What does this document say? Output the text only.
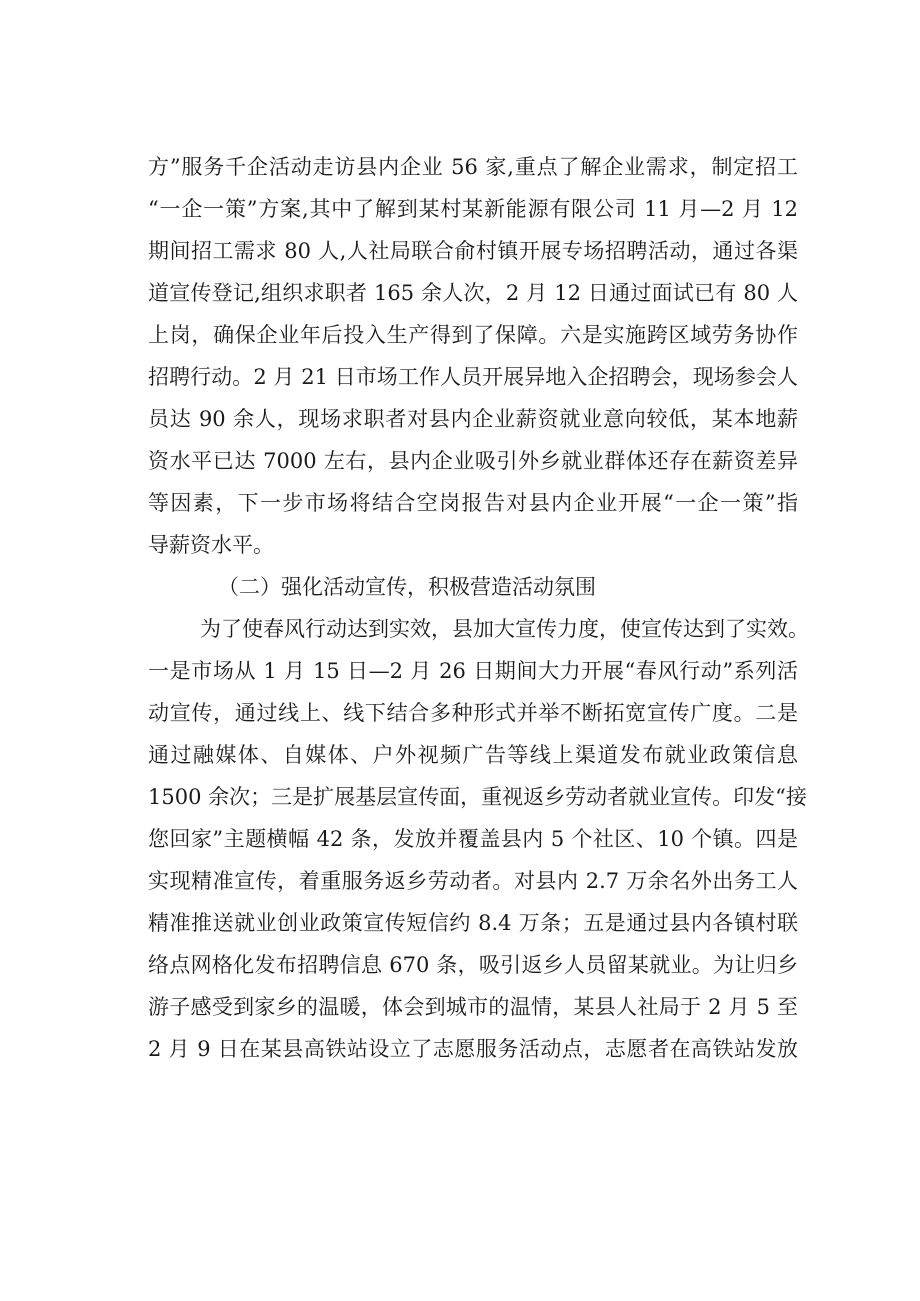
方”服务千企活动走访县内企业 56 家,重点了解企业需求，制定招工
“一企一策”方案,其中了解到某村某新能源有限公司 11 月—2 月 12
期间招工需求 80 人,人社局联合俞村镇开展专场招聘活动，通过各渠
道宣传登记,组织求职者 165 余人次，2 月 12 日通过面试已有 80 人
上岗，确保企业年后投入生产得到了保障。六是实施跨区域劳务协作
招聘行动。2 月 21 日市场工作人员开展异地入企招聘会，现场参会人
员达 90 余人，现场求职者对县内企业薪资就业意向较低，某本地薪
资水平已达 7000 左右，县内企业吸引外乡就业群体还存在薪资差异
等因素，下一步市场将结合空岗报告对县内企业开展“一企一策”指
导薪资水平。
（二）强化活动宣传，积极营造活动氛围
为了使春风行动达到实效，县加大宣传力度，使宣传达到了实效。
一是市场从 1 月 15 日—2 月 26 日期间大力开展“春风行动”系列活
动宣传，通过线上、线下结合多种形式并举不断拓宽宣传广度。二是
通过融媒体、自媒体、户外视频广告等线上渠道发布就业政策信息
1500 余次；三是扩展基层宣传面，重视返乡劳动者就业宣传。印发“接
您回家”主题横幅 42 条，发放并覆盖县内 5 个社区、10 个镇。四是
实现精准宣传，着重服务返乡劳动者。对县内 2.7 万余名外出务工人
精准推送就业创业政策宣传短信约 8.4 万条；五是通过县内各镇村联
络点网格化发布招聘信息 670 条，吸引返乡人员留某就业。为让归乡
游子感受到家乡的温暖，体会到城市的温情，某县人社局于 2 月 5 至
2 月 9 日在某县高铁站设立了志愿服务活动点，志愿者在高铁站发放
